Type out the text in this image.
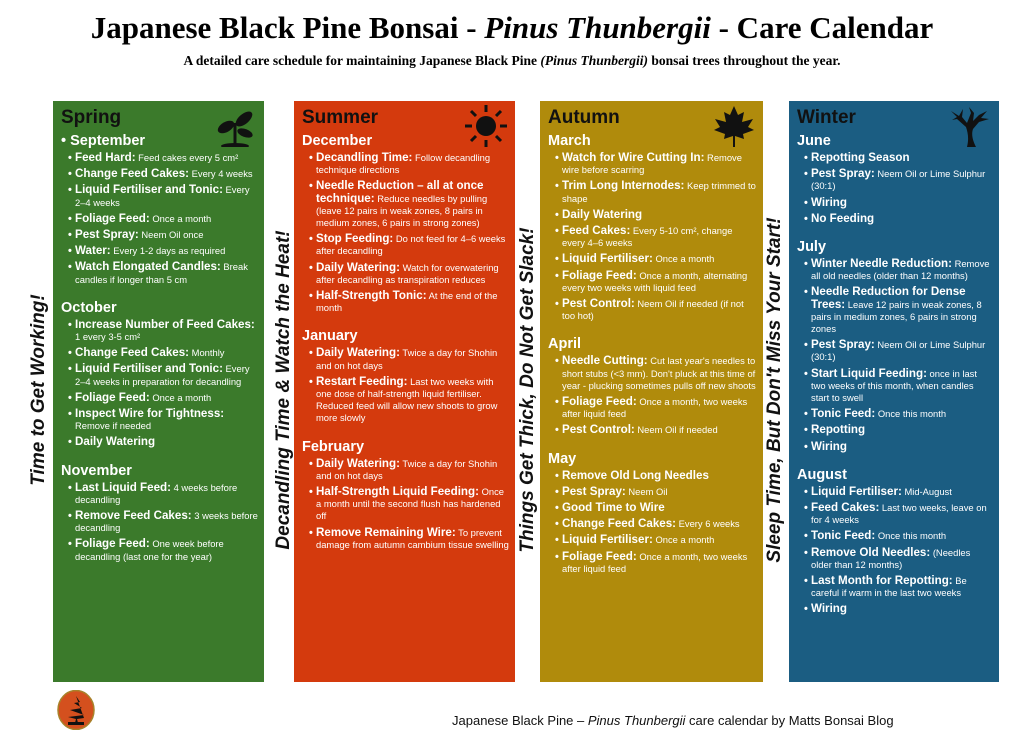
Japanese Black Pine Bonsai - Pinus Thunbergii - Care Calendar
A detailed care schedule for maintaining Japanese Black Pine (Pinus Thunbergii) bonsai trees throughout the year.
Time to Get Working!	Decandling Time & Watch the Heat!	Things Get Thick, Do Not Get Slack!	Sleep Time, But Don't Miss Your Start!
Spring
• September
• Feed Hard: Feed cakes every 5 cm²
• Change Feed Cakes: Every 4 weeks
• Liquid Fertiliser and Tonic: Every 2–4 weeks
• Foliage Feed: Once a month
• Pest Spray: Neem Oil once
• Water: Every 1-2 days as required
• Watch Elongated Candles: Break candles if longer than 5 cm
October
• Increase Number of Feed Cakes: 1 every 3-5 cm²
• Change Feed Cakes: Monthly
• Liquid Fertiliser and Tonic: Every 2–4 weeks in preparation for decandling
• Foliage Feed: Once a month
• Inspect Wire for Tightness: Remove if needed
• Daily Watering
November
• Last Liquid Feed: 4 weeks before decandling
• Remove Feed Cakes: 3 weeks before decandling
• Foliage Feed: One week before decandling (last one for the year)
Summer
December
• Decandling Time: Follow decandling technique directions
• Needle Reduction – all at once technique: Reduce needles by pulling (leave 12 pairs in weak zones, 8 pairs in medium zones, 6 pairs in strong zones)
• Stop Feeding: Do not feed for 4–6 weeks after decandling
• Daily Watering: Watch for overwatering after decandling as transpiration reduces
• Half-Strength Tonic: At the end of the month
January
• Daily Watering: Twice a day for Shohin and on hot days
• Restart Feeding: Last two weeks with one dose of half-strength liquid fertiliser. Reduced feed will allow new shoots to grow more slowly
February
• Daily Watering: Twice a day for Shohin and on hot days
• Half-Strength Liquid Feeding: Once a month until the second flush has hardened off
• Remove Remaining Wire: To prevent damage from autumn cambium tissue swelling
Autumn
March
• Watch for Wire Cutting In: Remove wire before scarring
• Trim Long Internodes: Keep trimmed to shape
• Daily Watering
• Feed Cakes: Every 5-10 cm², change every 4–6 weeks
• Liquid Fertiliser: Once a month
• Foliage Feed: Once a month, alternating every two weeks with liquid feed
• Pest Control: Neem Oil if needed (if not too hot)
April
• Needle Cutting: Cut last year's needles to short stubs (<3 mm). Don't pluck at this time of year - plucking sometimes pulls off new shoots
• Foliage Feed: Once a month, two weeks after liquid feed
• Pest Control: Neem Oil if needed
May
• Remove Old Long Needles
• Pest Spray: Neem Oil
• Good Time to Wire
• Change Feed Cakes: Every 6 weeks
• Liquid Fertiliser: Once a month
• Foliage Feed: Once a month, two weeks after liquid feed
Winter
June
• Repotting Season
• Pest Spray: Neem Oil or Lime Sulphur (30:1)
• Wiring
• No Feeding
July
• Winter Needle Reduction: Remove all old needles (older than 12 months)
• Needle Reduction for Dense Trees: Leave 12 pairs in weak zones, 8 pairs in medium zones, 6 pairs in strong zones
• Pest Spray: Neem Oil or Lime Sulphur (30:1)
• Start Liquid Feeding: once in last two weeks of this month, when candles start to swell
• Tonic Feed: Once this month
• Repotting
• Wiring
August
• Liquid Fertiliser: Mid-August
• Feed Cakes: Last two weeks, leave on for 4 weeks
• Tonic Feed: Once this month
• Remove Old Needles: (Needles older than 12 months)
• Last Month for Repotting: Be careful if warm in the last two weeks
• Wiring
Japanese Black Pine – Pinus Thunbergii care calendar by Matts Bonsai Blog
